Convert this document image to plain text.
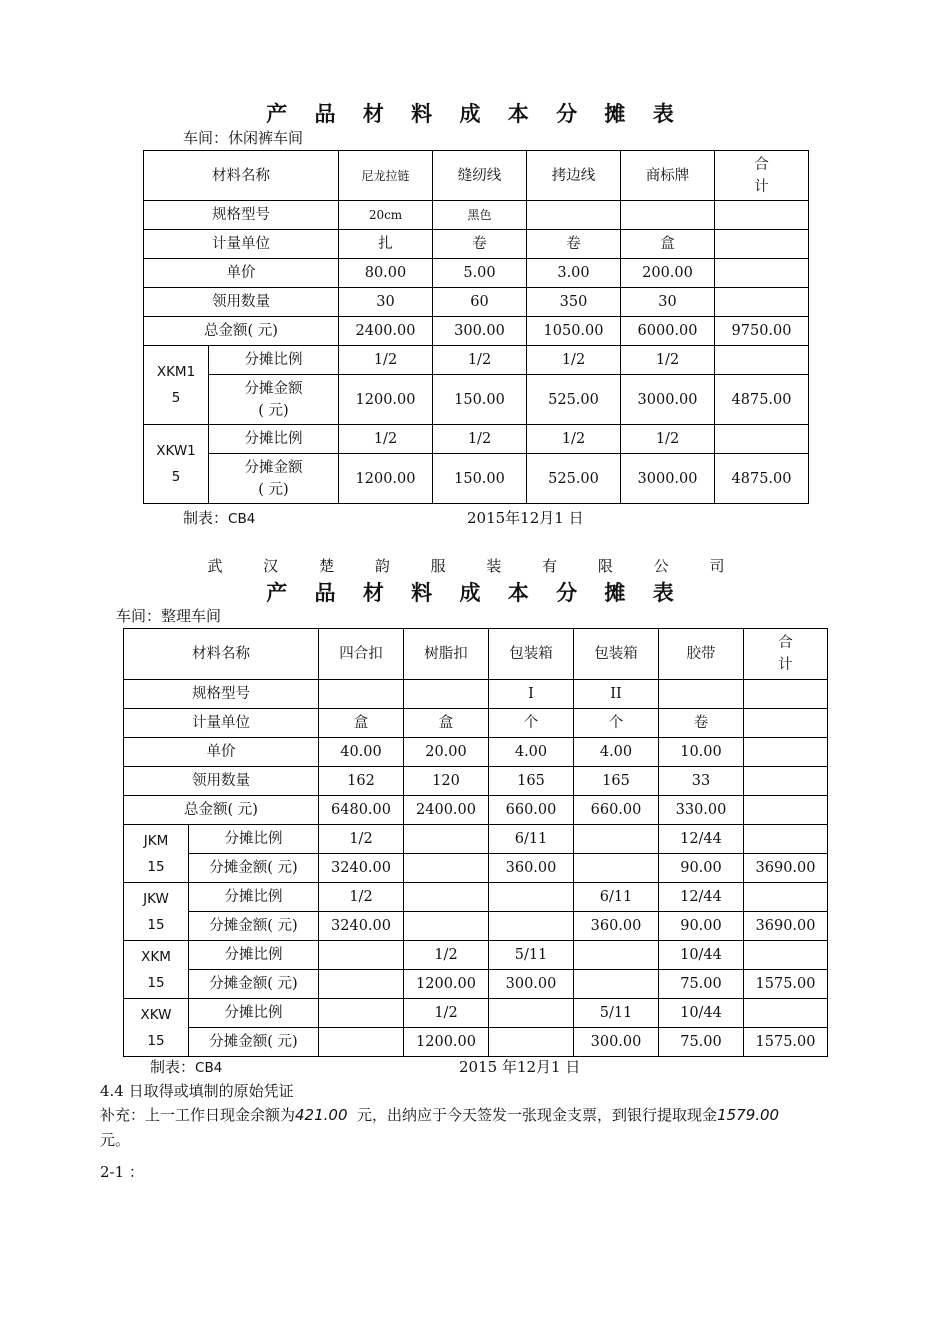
产 品 材 料 成 本 分 摊 表
车间：休闲裤车间
材料名称		尼龙拉链	缝纫线	拷边线	商标牌	合
计

规格型号		20cm	黑色			
计量单位		扎	卷	卷	盒	
单价		80.00	5.00	3.00	200.00	
领用数量		30	60	350	30	
总金额( 元)		2400.00	300.00	1050.00	6000.00	9750.00

XKM1
5	分摊比例	1/2	1/2	1/2	1/2	

	分摊金额
( 元)	1200.00	150.00	525.00	3000.00	4875.00

XKW1
5	分摊比例	1/2	1/2	1/2	1/2	

	分摊金额
( 元)	1200.00	150.00	525.00	3000.00	4875.00
制表：CB4	2015年12月1 日
武 汉 楚 韵 服 装 有 限 公 司
产 品 材 料 成 本 分 摊 表
车间：整理车间
材料名称		四合扣	树脂扣	包装箱	包装箱	胶带	合
计

规格型号				I	II		
计量单位		盒	盒	个	个	卷	
单价		40.00	20.00	4.00	4.00	10.00	
领用数量		162	120	165	165	33	
总金额( 元)		6480.00	2400.00	660.00	660.00	330.00	

JKM
15	分摊比例	1/2		6/11		12/44	
	分摊金额( 元)	3240.00		360.00		90.00	3690.00

JKW
15	分摊比例	1/2			6/11	12/44	
	分摊金额( 元)	3240.00			360.00	90.00	3690.00

XKM
15	分摊比例		1/2	5/11		10/44	
	分摊金额( 元)		1200.00	300.00		75.00	1575.00

XKW
15	分摊比例		1/2		5/11	10/44	
	分摊金额( 元)		1200.00		300.00	75.00	1575.00
制表：CB4	2015 年12月1 日
4.4 日取得或填制的原始凭证
补充：上一工作日现金余额为421.00  元，出纳应于今天签发一张现金支票，到银行提取现金1579.00
元。
2-1 ：
